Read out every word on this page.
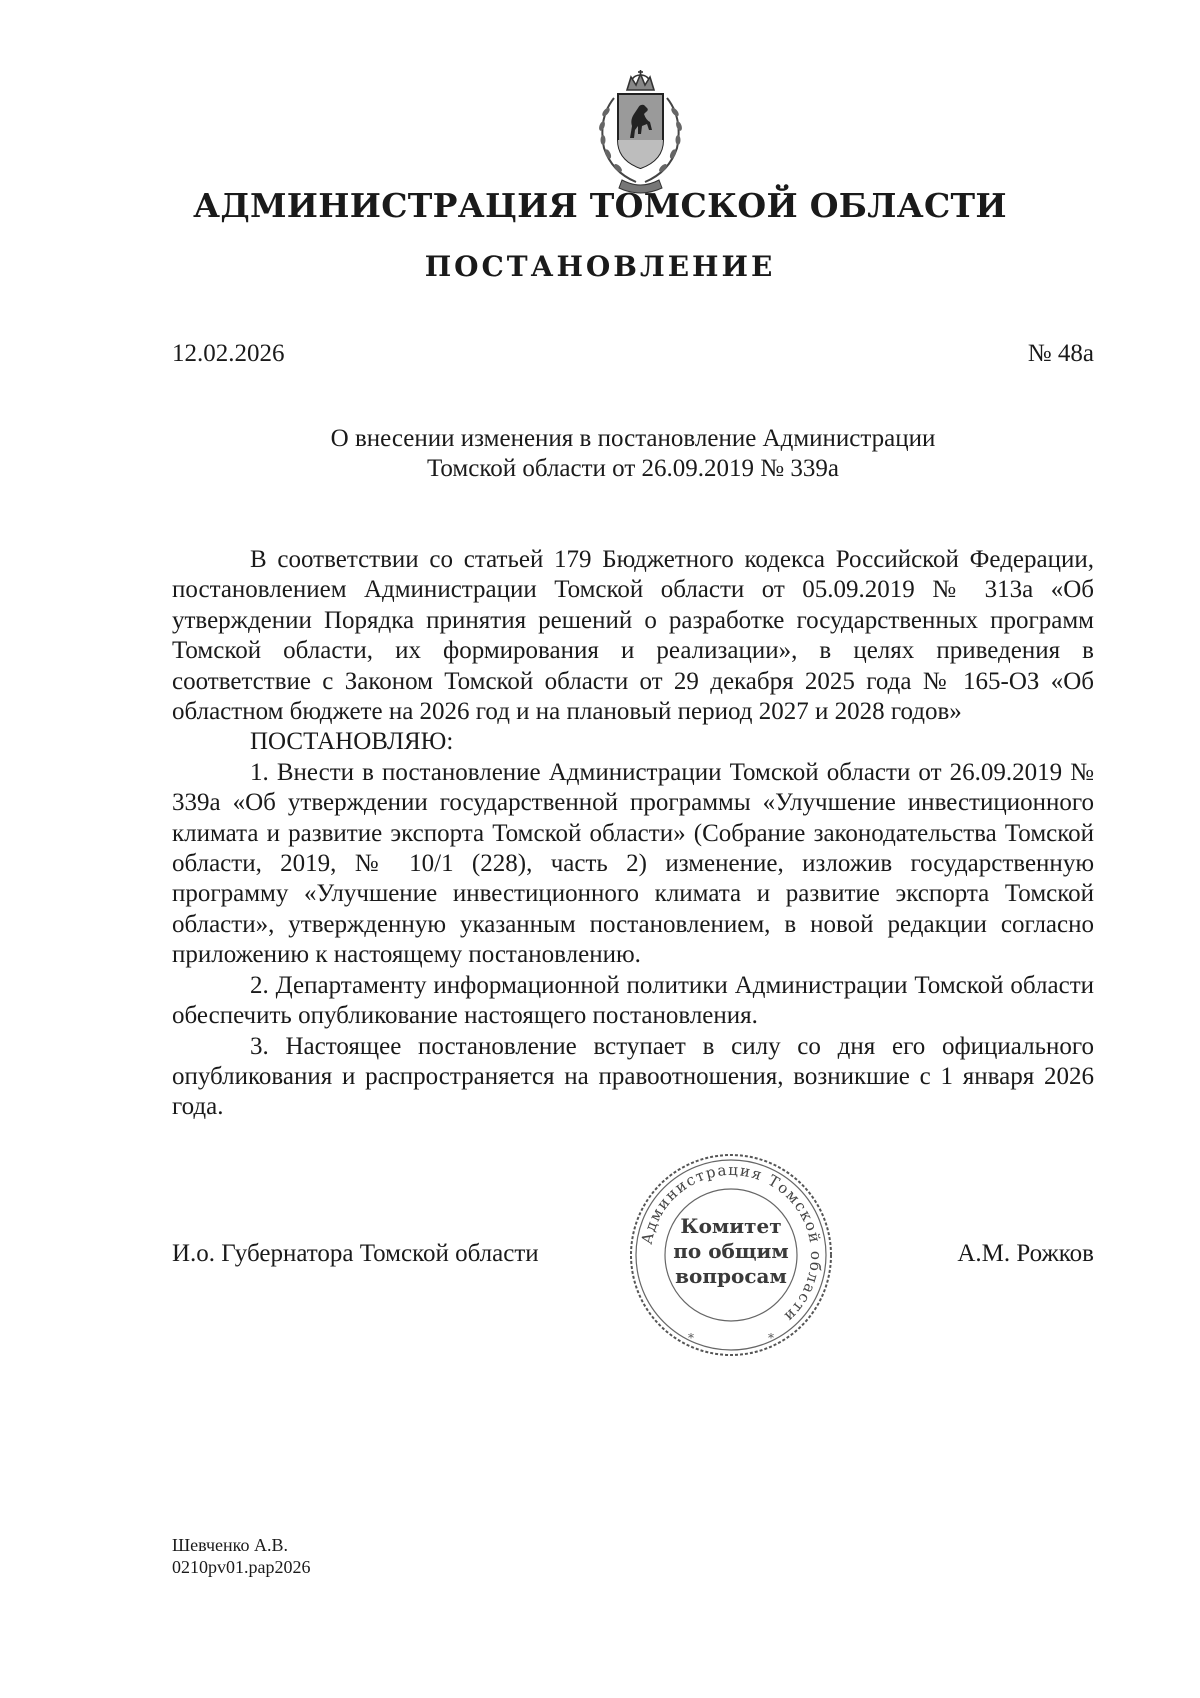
АДМИНИСТРАЦИЯ ТОМСКОЙ ОБЛАСТИ
ПОСТАНОВЛЕНИЕ
12.02.2026	№ 48а
О внесении изменения в постановление Администрации
Томской области от 26.09.2019 № 339а

В соответствии со статьей 179 Бюджетного кодекса Российской Федерации, постановлением Администрации Томской области от 05.09.2019 № 313а «Об утверждении Порядка принятия решений о разработке государственных программ Томской области, их формирования и реализации», в целях приведения в соответствие с Законом Томской области от 29 декабря 2025 года № 165-ОЗ «Об областном бюджете на 2026 год и на плановый период 2027 и 2028 годов»

ПОСТАНОВЛЯЮ:

1. Внести в постановление Администрации Томской области от 26.09.2019 № 339а «Об утверждении государственной программы «Улучшение инвестиционного климата и развитие экспорта Томской области» (Собрание законодательства Томской области, 2019, № 10/1 (228), часть 2) изменение, изложив государственную программу «Улучшение инвестиционного климата и развитие экспорта Томской области», утвержденную указанным постановлением, в новой редакции согласно приложению к настоящему постановлению.

2. Департаменту информационной политики Администрации Томской области обеспечить опубликование настоящего постановления.

3. Настоящее постановление вступает в силу со дня его официального опубликования и распространяется на правоотношения, возникшие с 1 января 2026 года.

Администрация Томской области
*	*
Комитет
по общим
вопросам
И.о. Губернатора Томской области	А.М. Рожков
Шевченко А.В.
0210pv01.pap2026
